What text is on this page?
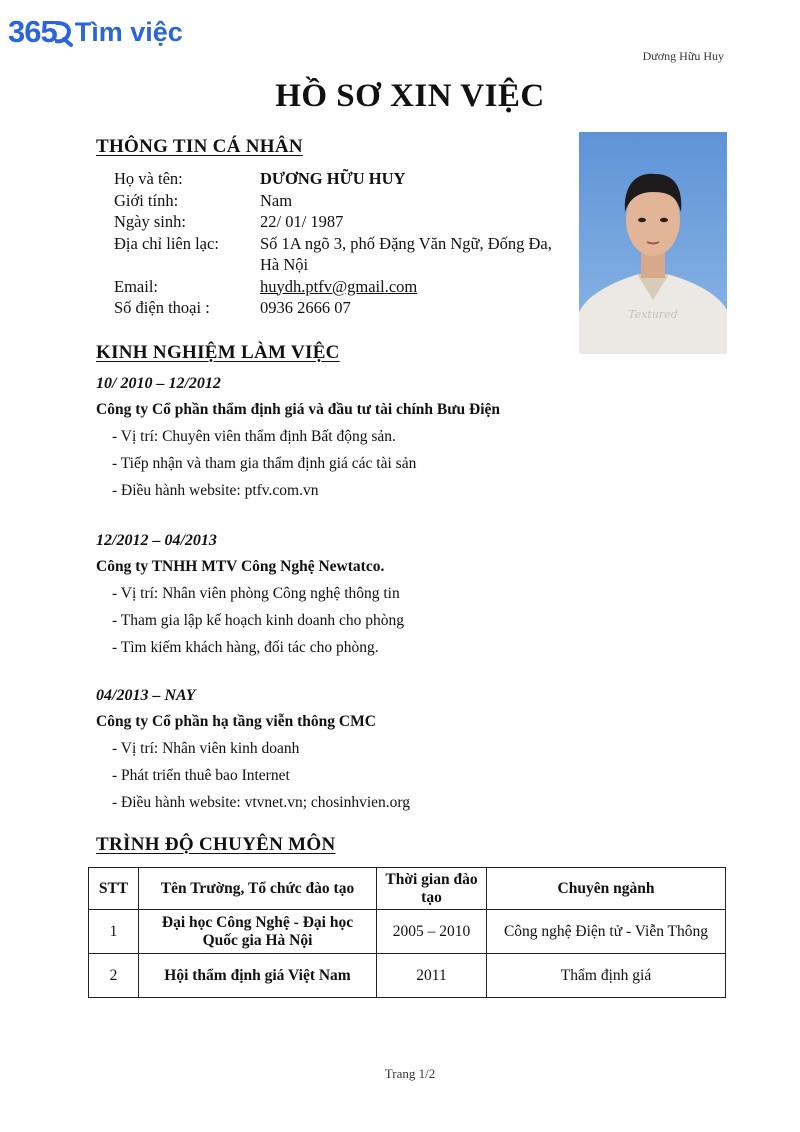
365 Tìm việc
Dương Hữu Huy
HỒ SƠ XIN VIỆC
THÔNG TIN CÁ NHÂN
Họ và tên:	DƯƠNG HỮU HUY
Giới tính:	Nam
Ngày sinh:	22/ 01/ 1987
Địa chỉ liên lạc:	Số 1A ngõ 3, phố Đặng Văn Ngữ, Đống Đa, Hà Nội
Email:	huydh.ptfv@gmail.com
Số điện thoại :	0936 2666 07	Textured
KINH NGHIỆM LÀM VIỆC
10/ 2010 – 12/2012
Công ty Cổ phần thẩm định giá và đầu tư tài chính Bưu Điện
- Vị trí: Chuyên viên thẩm định Bất động sản.
- Tiếp nhận và tham gia thẩm định giá các tài sản
- Điều hành website: ptfv.com.vn
12/2012 – 04/2013
Công ty TNHH MTV Công Nghệ Newtatco.
- Vị trí: Nhân viên phòng Công nghệ thông tin
- Tham gia lập kế hoạch kinh doanh cho phòng
- Tìm kiếm khách hàng, đối tác cho phòng.
04/2013 – NAY
Công ty Cổ phần hạ tầng viễn thông CMC
- Vị trí: Nhân viên kinh doanh
- Phát triển thuê bao Internet
- Điều hành website: vtvnet.vn; chosinhvien.org
TRÌNH ĐỘ CHUYÊN MÔN
STT	Tên Trường, Tổ chức đào tạo	Thời gian đào tạo	Chuyên ngành
1	Đại học Công Nghệ - Đại học Quốc gia Hà Nội	2005 – 2010	Công nghệ Điện tử - Viễn Thông
2	Hội thẩm định giá Việt Nam	2011	Thẩm định giá
Trang 1/2
